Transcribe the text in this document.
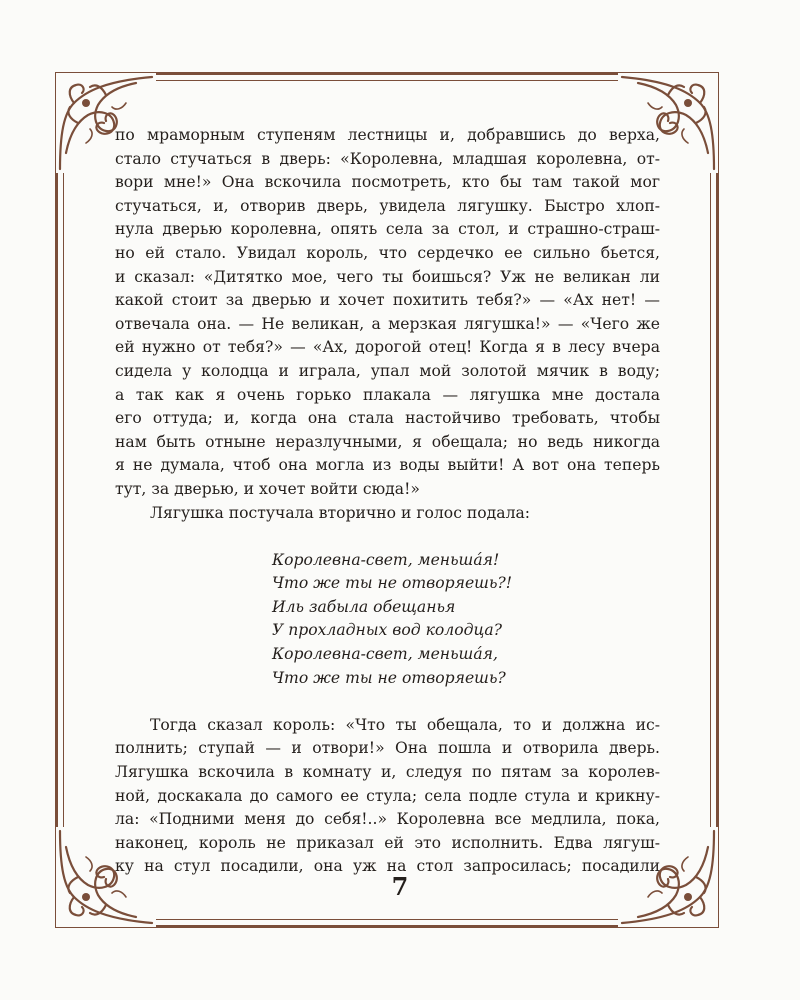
по мраморным ступеням лестницы и, добравшись до верха,
стало стучаться в дверь: «Королевна, младшая королевна, от-
вори мне!» Она вскочила посмотреть, кто бы там такой мог
стучаться, и, отворив дверь, увидела лягушку. Быстро хлоп-
нула дверью королевна, опять села за стол, и страшно-страш-
но ей стало. Увидал король, что сердечко ее сильно бьется,
и сказал: «Дитятко мое, чего ты боишься? Уж не великан ли
какой стоит за дверью и хочет похитить тебя?» — «Ах нет! —
отвечала она. — Не великан, а мерзкая лягушка!» — «Чего же
ей нужно от тебя?» — «Ах, дорогой отец! Когда я в лесу вчера
сидела у колодца и играла, упал мой золотой мячик в воду;
а так как я очень горько плакала — лягушка мне достала
его оттуда; и, когда она стала настойчиво требовать, чтобы
нам быть отныне неразлучными, я обещала; но ведь никогда
я не думала, чтоб она могла из воды выйти! А вот она теперь
тут, за дверью, и хочет войти сюда!»
Лягушка постучала вторично и голос подала:
Королевна-свет, меньша́я!
Что же ты не отворяешь?!
Иль забыла обещанья
У прохладных вод колодца?
Королевна-свет, меньша́я,
Что же ты не отворяешь?
Тогда сказал король: «Что ты обещала, то и должна ис-
полнить; ступай — и отвори!» Она пошла и отворила дверь.
Лягушка вскочила в комнату и, следуя по пятам за королев-
ной, доскакала до самого ее стула; села подле стула и крикну-
ла: «Подними меня до себя!..» Королевна все медлила, пока,
наконец, король не приказал ей это исполнить. Едва лягуш-
ку на стул посадили, она уж на стол запросилась; посадили
7
